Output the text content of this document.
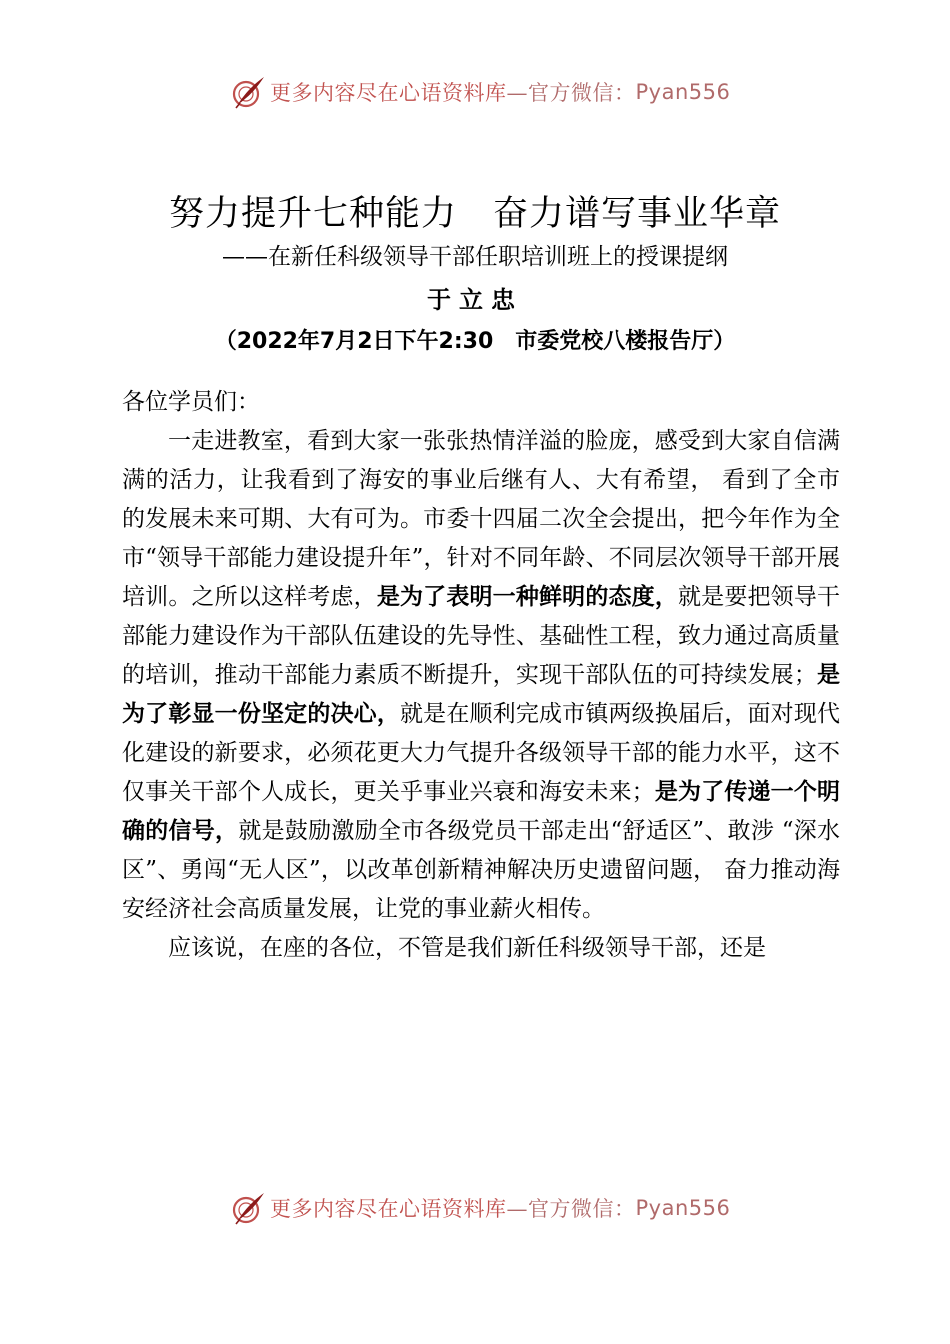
更多内容尽在心语资料库 —官方微信： Pyan556
努力提升七种能力　奋力谱写事业华章
——在新任科级领导干部任职培训班上的授课提纲
于立忠
（2022年7月2日下午2:30　市委党校八楼报告厅）

各位学员们：

一走进教室，看到大家一张张热情洋溢的脸庞，感受到大家自信满满的活力，让我看到了海安的事业后继有人、大有希望， 看到了全市的发展未来可期、大有可为。市委十四届二次全会提出，把今年作为全市“领导干部能力建设提升年”，针对不同年龄、不同层次领导干部开展培训。之所以这样考虑，是为了表明一种鲜明的态度，就是要把领导干部能力建设作为干部队伍建设的先导性、基础性工程，致力通过高质量的培训，推动干部能力素质不断提升，实现干部队伍的可持续发展；是为了彰显一份坚定的决心，就是在顺利完成市镇两级换届后，面对现代化建设的新要求，必须花更大力气提升各级领导干部的能力水平，这不仅事关干部个人成长，更关乎事业兴衰和海安未来；是为了传递一个明确的信号，就是鼓励激励全市各级党员干部走出“舒适区”、敢涉 “深水区”、勇闯“无人区”，以改革创新精神解决历史遗留问题， 奋力推动海安经济社会高质量发展，让党的事业薪火相传。

应该说，在座的各位，不管是我们新任科级领导干部，还是

更多内容尽在心语资料库 —官方微信： Pyan556
